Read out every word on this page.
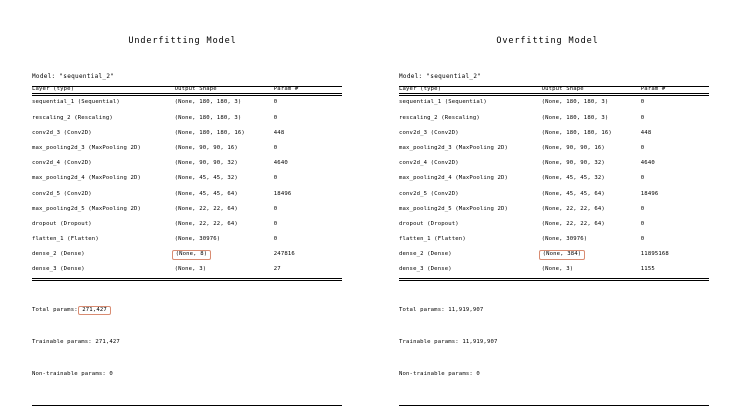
Underfitting Model
Model: "sequential_2"
Layer (type)	Output Shape	Param #
sequential_1 (Sequential)	(None, 180, 180, 3)	0
rescaling_2 (Rescaling)	(None, 180, 180, 3)	0
conv2d_3 (Conv2D)	(None, 180, 180, 16)	448
max_pooling2d_3 (MaxPooling 2D)	(None, 90, 90, 16)	0
conv2d_4 (Conv2D)	(None, 90, 90, 32)	4640
max_pooling2d_4 (MaxPooling 2D)	(None, 45, 45, 32)	0
conv2d_5 (Conv2D)	(None, 45, 45, 64)	18496
max_pooling2d_5 (MaxPooling 2D)	(None, 22, 22, 64)	0
dropout (Dropout)	(None, 22, 22, 64)	0
flatten_1 (Flatten)	(None, 30976)	0
dense_2 (Dense)	(None, 8)	247816
dense_3 (Dense)	(None, 3)	27

Total params: 271,427

Trainable params: 271,427

Non-trainable params: 0

Overfitting Model
Model: "sequential_2"
Layer (type)	Output Shape	Param #
sequential_1 (Sequential)	(None, 180, 180, 3)	0
rescaling_2 (Rescaling)	(None, 180, 180, 3)	0
conv2d_3 (Conv2D)	(None, 180, 180, 16)	448
max_pooling2d_3 (MaxPooling 2D)	(None, 90, 90, 16)	0
conv2d_4 (Conv2D)	(None, 90, 90, 32)	4640
max_pooling2d_4 (MaxPooling 2D)	(None, 45, 45, 32)	0
conv2d_5 (Conv2D)	(None, 45, 45, 64)	18496
max_pooling2d_5 (MaxPooling 2D)	(None, 22, 22, 64)	0
dropout (Dropout)	(None, 22, 22, 64)	0
flatten_1 (Flatten)	(None, 30976)	0
dense_2 (Dense)	(None, 384)	11895168
dense_3 (Dense)	(None, 3)	1155

Total params: 11,919,907

Trainable params: 11,919,907

Non-trainable params: 0
